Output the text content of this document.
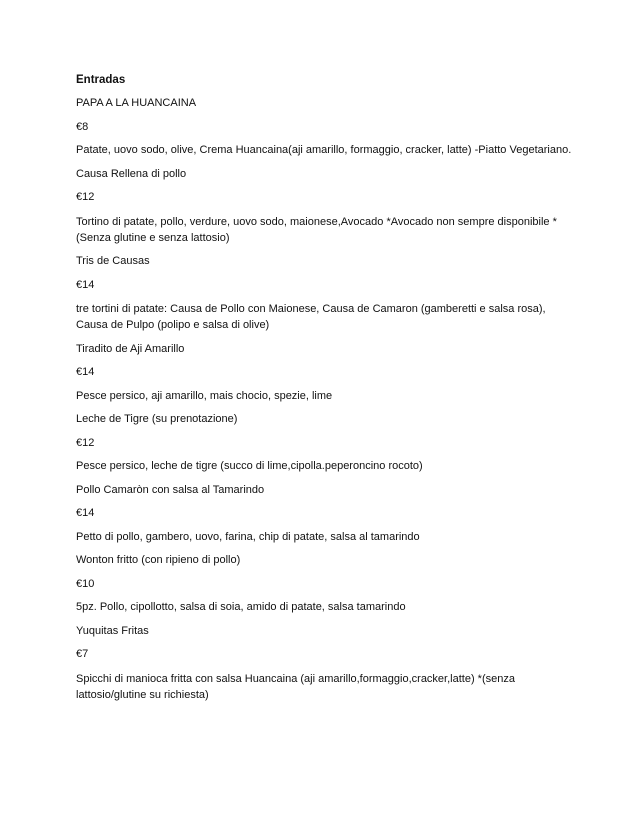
Entradas
PAPA A LA HUANCAINA
€8
Patate, uovo sodo, olive, Crema Huancaina(aji amarillo, formaggio, cracker, latte) -Piatto Vegetariano.
Causa Rellena di pollo
€12
Tortino di patate, pollo, verdure, uovo sodo, maionese,Avocado *Avocado non sempre disponibile *(Senza glutine e senza lattosio)
Tris de Causas
€14
tre tortini di patate: Causa de Pollo con Maionese, Causa de Camaron (gamberetti e salsa rosa), Causa de Pulpo (polipo e salsa di olive)
Tiradito de Aji Amarillo
€14
Pesce persico, aji amarillo, mais chocio, spezie, lime
Leche de Tigre (su prenotazione)
€12
Pesce persico, leche de tigre (succo di lime,cipolla.peperoncino rocoto)
Pollo Camaròn con salsa al Tamarindo
€14
Petto di pollo, gambero, uovo, farina, chip di patate, salsa al tamarindo
Wonton fritto (con ripieno di pollo)
€10
5pz. Pollo, cipollotto, salsa di soia, amido di patate, salsa tamarindo
Yuquitas Fritas
€7
Spicchi di manioca fritta con salsa Huancaina (aji amarillo,formaggio,cracker,latte) *(senza lattosio/glutine su richiesta)
